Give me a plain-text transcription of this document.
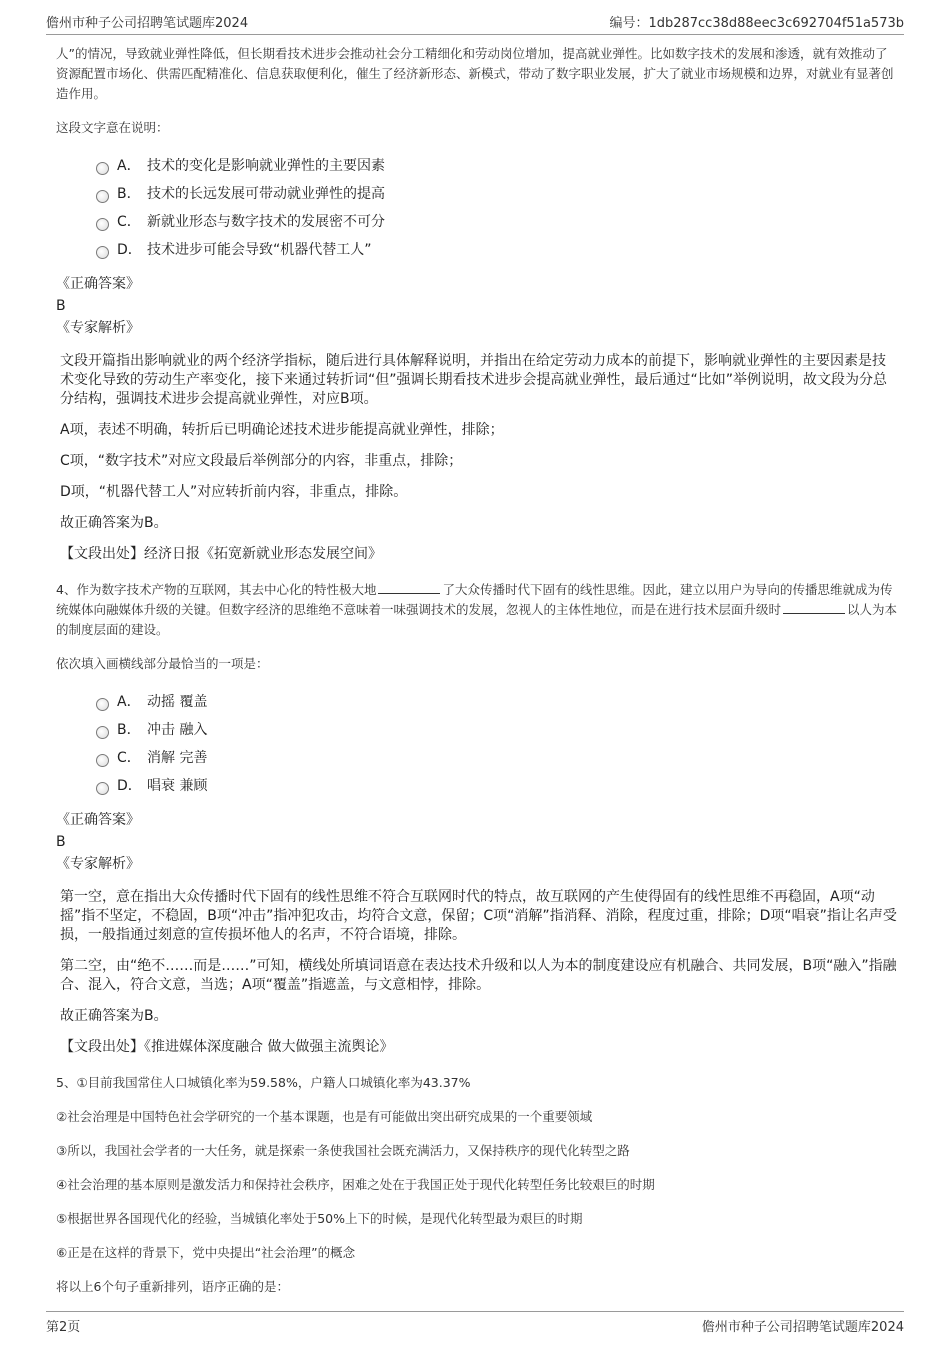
儋州市种子公司招聘笔试题库2024	编号：1db287cc38d88eec3c692704f51a573b

人”的情况，导致就业弹性降低，但长期看技术进步会推动社会分工精细化和劳动岗位增加，提高就业弹性。比如数字技术的发展和渗透，就有效推动了资源配置市场化、供需匹配精准化、信息获取便利化，催生了经济新形态、新模式，带动了数字职业发展，扩大了就业市场规模和边界，对就业有显著创造作用。

这段文字意在说明：

A． 技术的变化是影响就业弹性的主要因素
B． 技术的长远发展可带动就业弹性的提高
C． 新就业形态与数字技术的发展密不可分
D． 技术进步可能会导致“机器代替工人”

《正确答案》

B

《专家解析》

文段开篇指出影响就业的两个经济学指标，随后进行具体解释说明，并指出在给定劳动力成本的前提下，影响就业弹性的主要因素是技术变化导致的劳动生产率变化，接下来通过转折词“但”强调长期看技术进步会提高就业弹性，最后通过“比如”举例说明，故文段为分总分结构，强调技术进步会提高就业弹性，对应B项。

A项，表述不明确，转折后已明确论述技术进步能提高就业弹性，排除；

C项，“数字技术”对应文段最后举例部分的内容，非重点，排除；

D项，“机器代替工人”对应转折前内容，非重点，排除。

故正确答案为B。

【文段出处】经济日报《拓宽新就业形态发展空间》

4、作为数字技术产物的互联网，其去中心化的特性极大地	了大众传播时代下固有的线性思维。因此，建立以用户为导向的传播思维就成为传统媒体向融媒体升级的关键。但数字经济的思维绝不意味着一味强调技术的发展，忽视人的主体性地位，而是在进行技术层面升级时	以人为本的制度层面的建设。

依次填入画横线部分最恰当的一项是：

A． 动摇 覆盖
B． 冲击 融入
C． 消解 完善
D． 唱衰 兼顾

《正确答案》

B

《专家解析》

第一空，意在指出大众传播时代下固有的线性思维不符合互联网时代的特点，故互联网的产生使得固有的线性思维不再稳固，A项“动摇”指不坚定，不稳固，B项“冲击”指冲犯攻击，均符合文意，保留；C项“消解”指消释、消除，程度过重，排除；D项“唱衰”指让名声受损，一般指通过刻意的宣传损坏他人的名声，不符合语境，排除。

第二空，由“绝不……而是……”可知，横线处所填词语意在表达技术升级和以人为本的制度建设应有机融合、共同发展，B项“融入”指融合、混入，符合文意，当选；A项“覆盖”指遮盖，与文意相悖，排除。

故正确答案为B。

【文段出处】《推进媒体深度融合 做大做强主流舆论》

5、①目前我国常住人口城镇化率为59.58%，户籍人口城镇化率为43.37%

②社会治理是中国特色社会学研究的一个基本课题，也是有可能做出突出研究成果的一个重要领域

③所以，我国社会学者的一大任务，就是探索一条使我国社会既充满活力，又保持秩序的现代化转型之路

④社会治理的基本原则是激发活力和保持社会秩序，困难之处在于我国正处于现代化转型任务比较艰巨的时期

⑤根据世界各国现代化的经验，当城镇化率处于50%上下的时候，是现代化转型最为艰巨的时期

⑥正是在这样的背景下，党中央提出“社会治理”的概念

将以上6个句子重新排列，语序正确的是：

第2页	儋州市种子公司招聘笔试题库2024
